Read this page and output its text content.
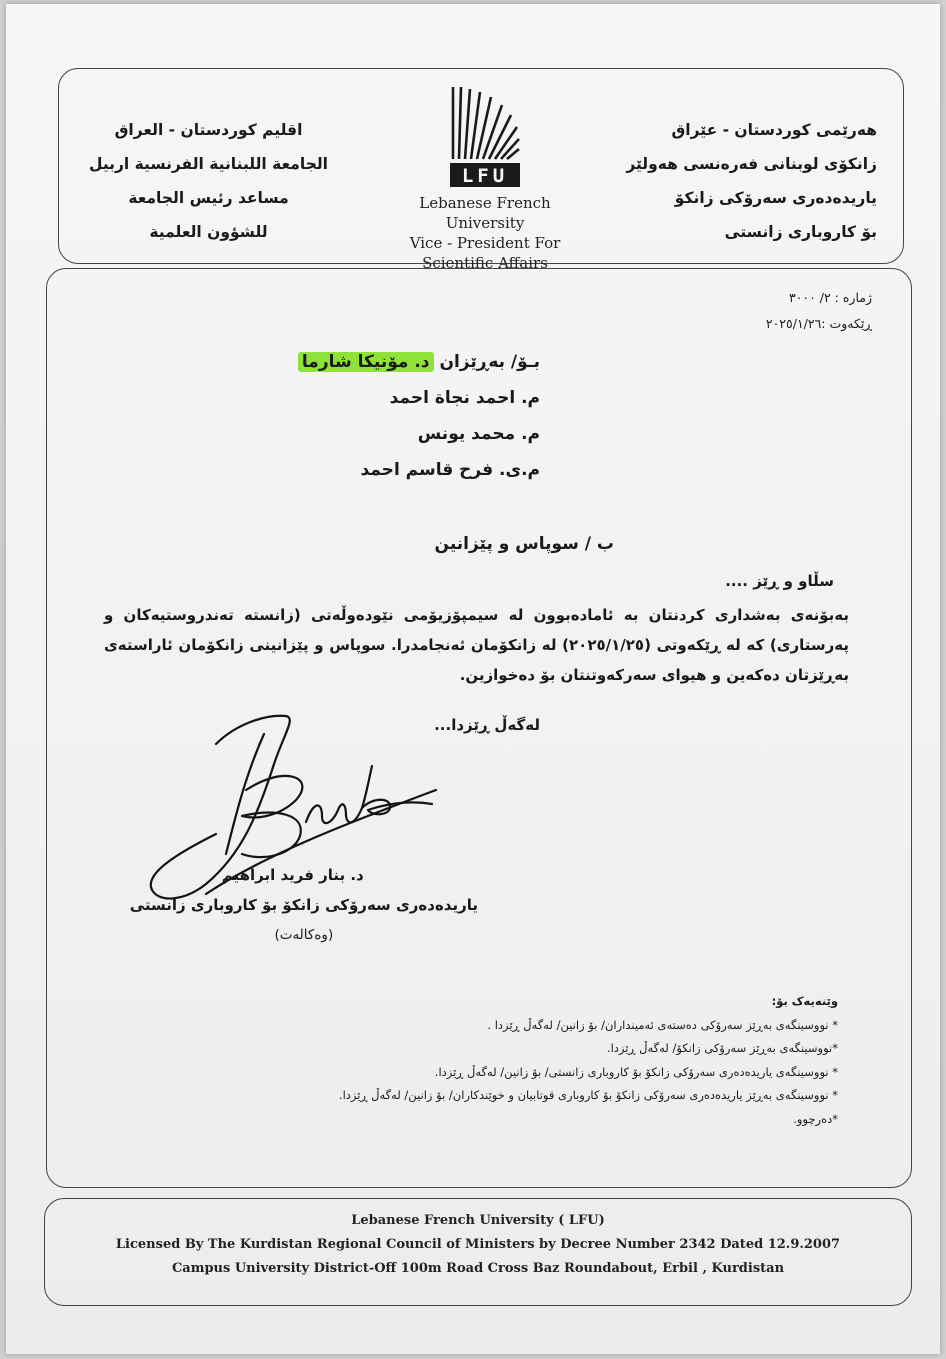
هەرێمی کوردستان - عێراق
زانکۆی لوبنانی فەرەنسی هەولێر
یاریدەدەری سەرۆکی زانکۆ
بۆ کاروباری زانستی
LFU
Lebanese French University
Vice - President For
Scientific Affairs
اقليم كوردستان - العراق
الجامعة اللبنانية الفرنسية اربيل
مساعد رئيس الجامعة
للشؤون العلمية
ژمارە : ٢/ ٣٠٠٠
ڕێکەوت :٢٠٢٥/١/٢٦
بـۆ/ بەڕێزان د. مۆنیکا شارما
م. احمد نجاة احمد
م. محمد یونس
م.ی. فرح قاسم احمد
ب / سوپاس و پێزانین
سڵاو و ڕێز ....
بەبۆنەی بەشداری کردنتان بە ئامادەبوون لە سیمپۆزیۆمی نێودەوڵەتی (زانستە تەندروستیەکان و پەرستاری) کە لە ڕێکەوتی (٢٠٢٥/١/٢٥) لە زانکۆمان ئەنجامدرا. سوپاس و پێزانینی زانکۆمان ئاراستەی بەڕێزتان دەکەین و هیوای سەرکەوتنتان بۆ دەخوازین.
لەگەڵ ڕێزدا...
د. بنار فريد ابراهيم
یاریدەدەری سەرۆکی زانکۆ بۆ کاروباری زانستی
(وەکالەت)
وێنەیەک بۆ:
* نووسینگەی بەڕێز سەرۆکی دەستەی ئەمینداران/ بۆ زانین/ لەگەڵ ڕێزدا .
*نووسینگەی بەڕێز سەرۆکی زانکۆ/ لەگەڵ ڕێزدا.
* نووسینگەی یاریدەدەری سەرۆکی زانکۆ بۆ کاروباری زانستی/ بۆ زانین/ لەگەڵ ڕێزدا.
* نووسینگەی بەڕێز یاریدەدەری سەرۆکی زانکۆ بۆ کاروباری قوتابیان و خوێندکاران/ بۆ زانین/ لەگەڵ ڕێزدا.
*دەرچوو.
Lebanese French University ( LFU)
Licensed By The Kurdistan Regional Council of Ministers by Decree Number 2342 Dated 12.9.2007
Campus University District-Off 100m Road Cross Baz Roundabout, Erbil , Kurdistan
